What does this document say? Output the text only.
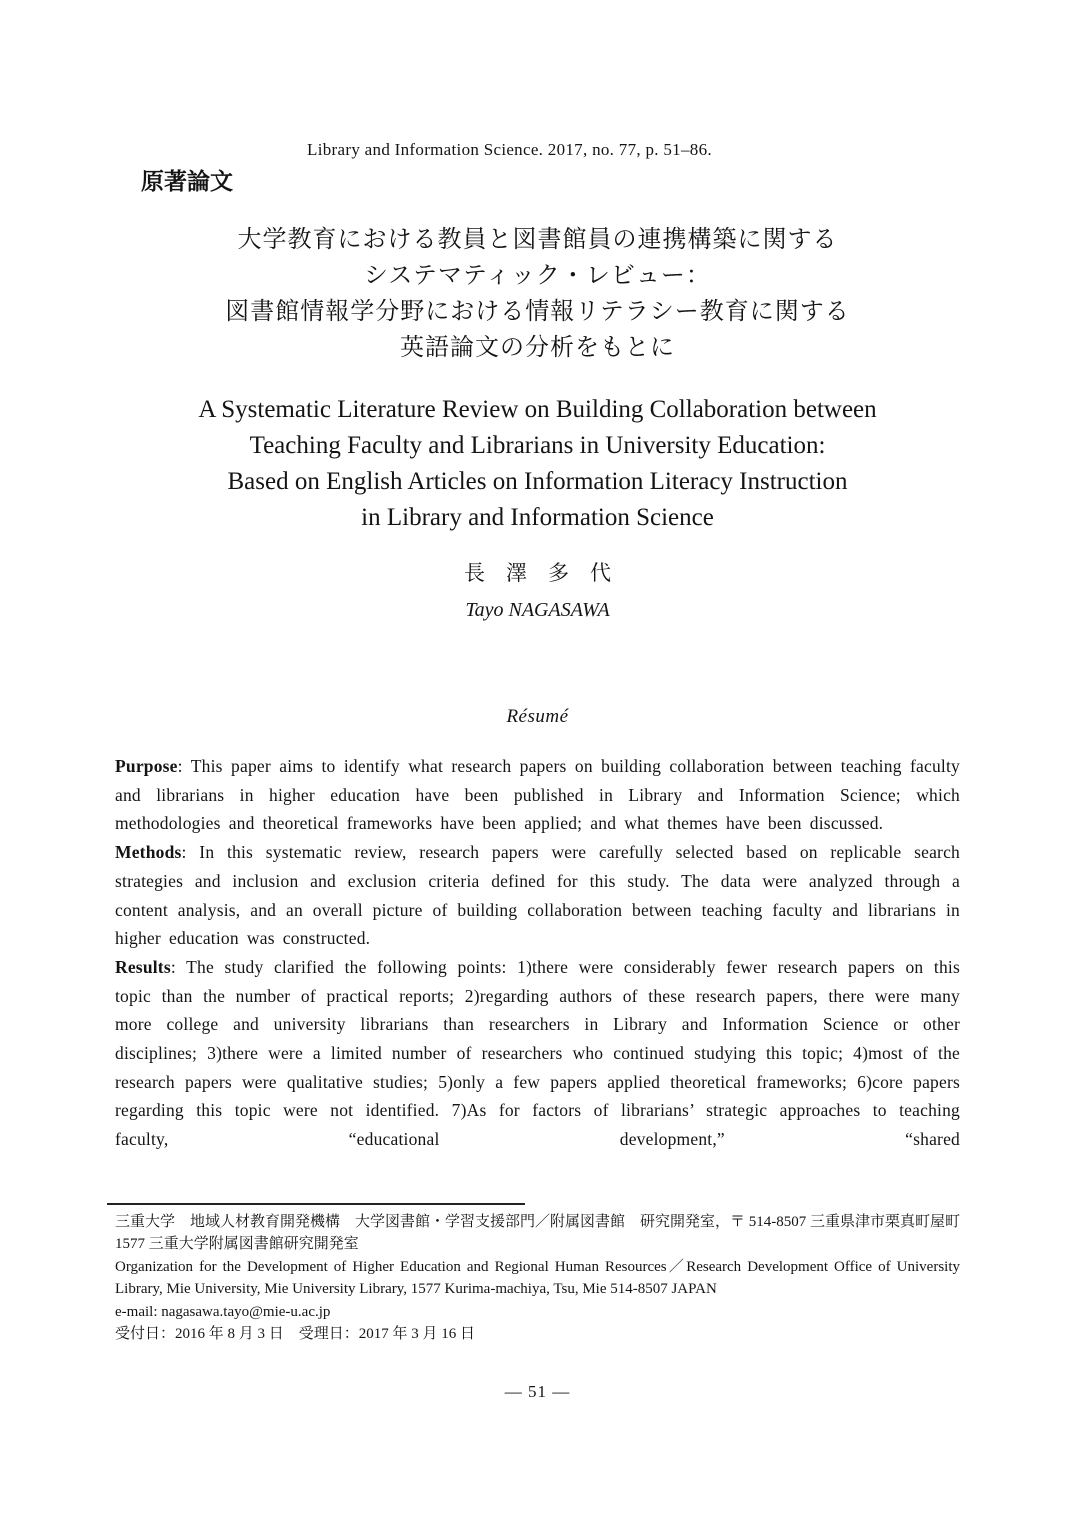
Library and Information Science. 2017, no. 77, p. 51–86.
原著論文
大学教育における教員と図書館員の連携構築に関する
システマティック・レビュー：
図書館情報学分野における情報リテラシー教育に関する
英語論文の分析をもとに
A Systematic Literature Review on Building Collaboration between
Teaching Faculty and Librarians in University Education:
Based on English Articles on Information Literacy Instruction
in Library and Information Science
長　澤　多　代
Tayo NAGASAWA
Résumé

Purpose: This paper aims to identify what research papers on building collaboration between teaching faculty and librarians in higher education have been published in Library and Information Science; which methodologies and theoretical frameworks have been applied; and what themes have been discussed.

Methods: In this systematic review, research papers were carefully selected based on replicable search strategies and inclusion and exclusion criteria defined for this study. The data were analyzed through a content analysis, and an overall picture of building collaboration between teaching faculty and librarians in higher education was constructed.

Results: The study clarified the following points: 1)there were considerably fewer research papers on this topic than the number of practical reports; 2)regarding authors of these research papers, there were many more college and university librarians than researchers in Library and Information Science or other disciplines; 3)there were a limited number of researchers who continued studying this topic; 4)most of the research papers were qualitative studies; 5)only a few papers applied theoretical frameworks; 6)core papers regarding this topic were not identified. 7)As for factors of librarians’ strategic approaches to teaching faculty, “educational development,” “shared

三重大学　地域人材教育開発機構　大学図書館・学習支援部門／附属図書館　研究開発室，〒 514-8507 三重県津市栗真町屋町 1577 三重大学附属図書館研究開発室
Organization for the Development of Higher Education and Regional Human Resources／Research Development Office of University Library, Mie University, Mie University Library, 1577 Kurima-machiya, Tsu, Mie 514-8507 JAPAN
e-mail: nagasawa.tayo@mie-u.ac.jp
受付日：2016 年 8 月 3 日　受理日：2017 年 3 月 16 日
— 51 —
